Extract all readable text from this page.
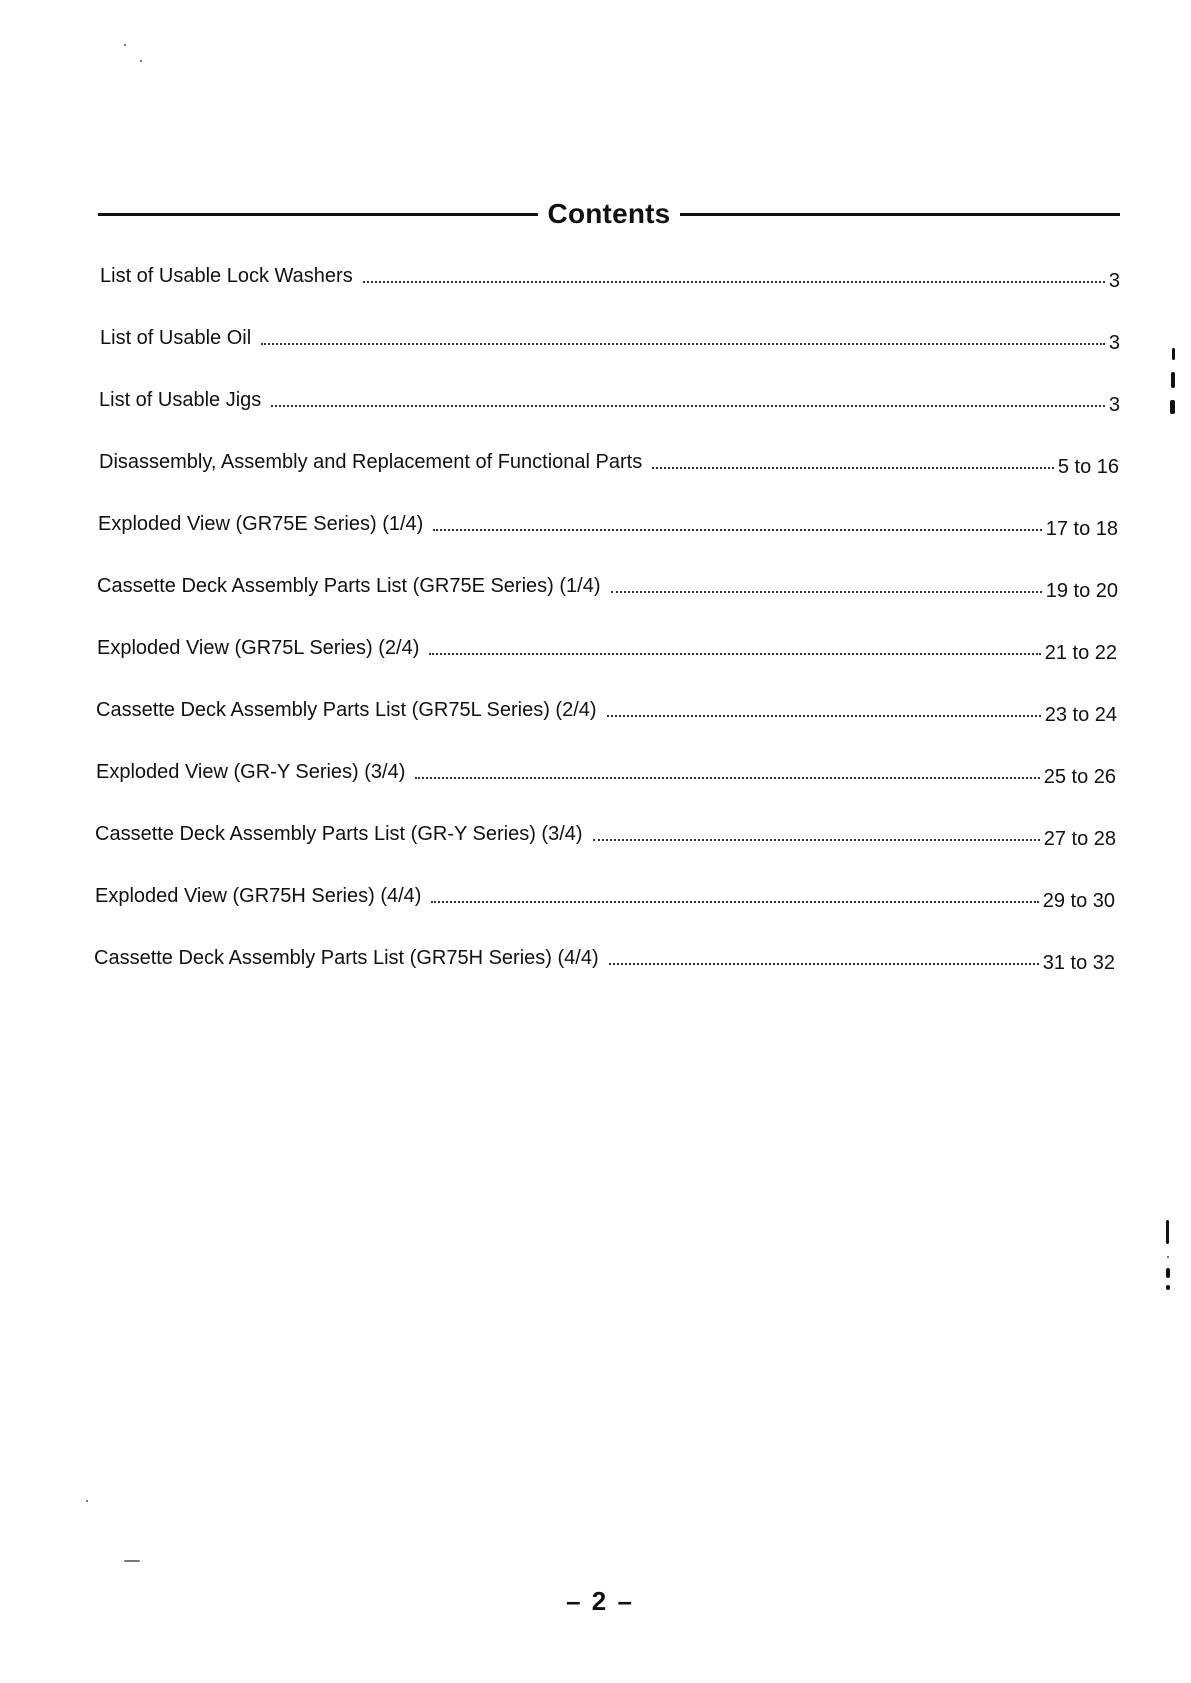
Contents
List of Usable Lock Washers	3
List of Usable Oil	3
List of Usable Jigs	3
Disassembly, Assembly and Replacement of Functional Parts	5 to 16
Exploded View (GR75E Series) (1/4)	17 to 18
Cassette Deck Assembly Parts List (GR75E Series) (1/4)	19 to 20
Exploded View (GR75L Series) (2/4)	21 to 22
Cassette Deck Assembly Parts List (GR75L Series) (2/4)	23 to 24
Exploded View (GR-Y Series) (3/4)	25 to 26
Cassette Deck Assembly Parts List (GR-Y Series) (3/4)	27 to 28
Exploded View (GR75H Series) (4/4)	29 to 30
Cassette Deck Assembly Parts List (GR75H Series) (4/4)	31 to 32
– 2 –
